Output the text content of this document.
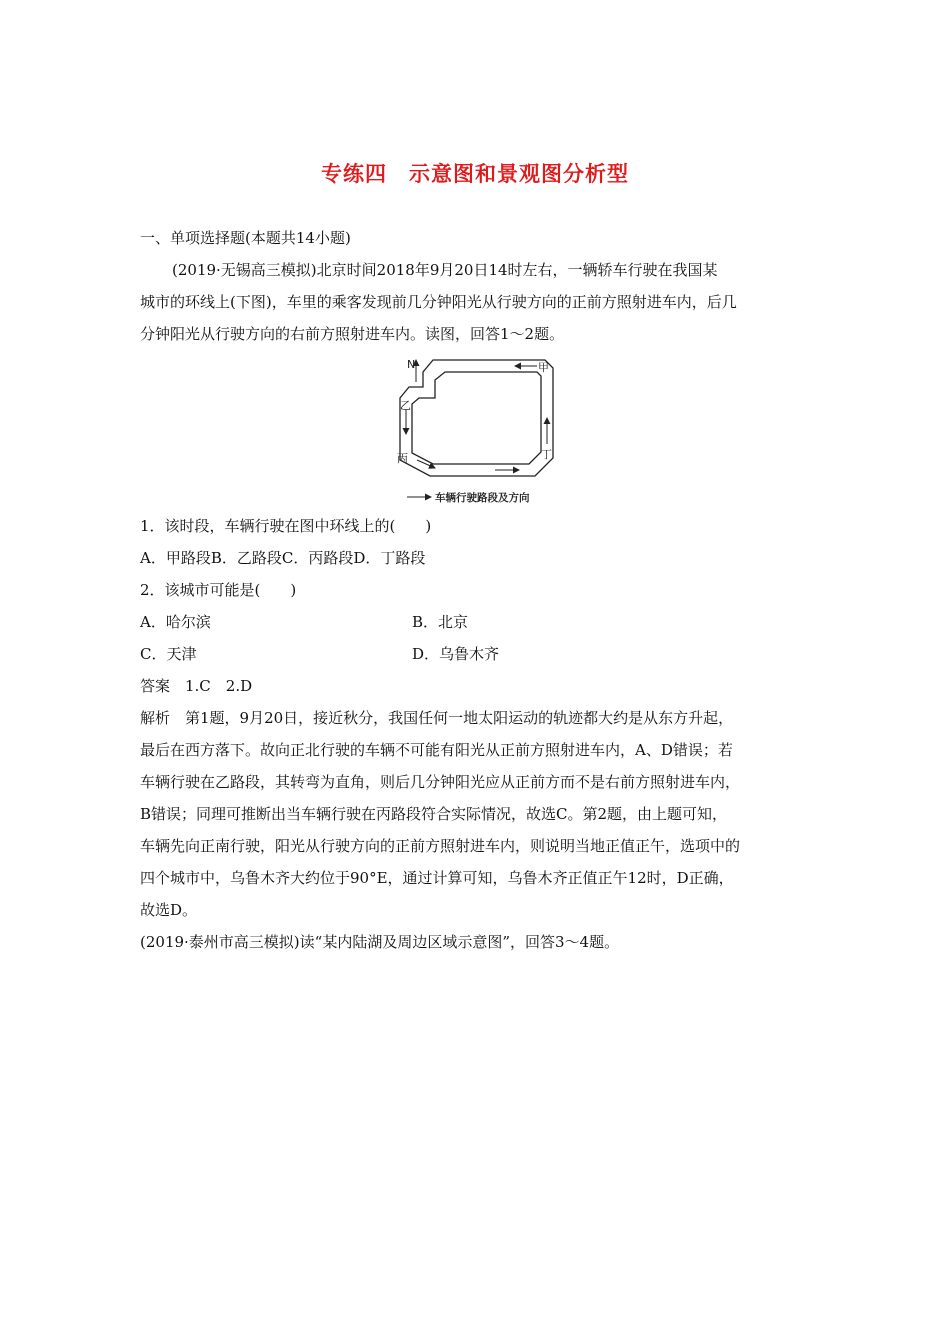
专练四　示意图和景观图分析型
一、单项选择题(本题共14小题)
(2019·无锡高三模拟)北京时间2018年9月20日14时左右，一辆轿车行驶在我国某
城市的环线上(下图)，车里的乘客发现前几分钟阳光从行驶方向的正前方照射进车内，后几
分钟阳光从行驶方向的右前方照射进车内。读图，回答1～2题。
N	甲
乙
丙	丁
车辆行驶路段及方向
1．该时段，车辆行驶在图中环线上的(　　)
A．甲路段B．乙路段C．丙路段D．丁路段
2．该城市可能是(　　)
A．哈尔滨	B．北京
C．天津	D．乌鲁木齐
答案　1.C　2.D
解析　第1题，9月20日，接近秋分，我国任何一地太阳运动的轨迹都大约是从东方升起，
最后在西方落下。故向正北行驶的车辆不可能有阳光从正前方照射进车内，A、D错误；若
车辆行驶在乙路段，其转弯为直角，则后几分钟阳光应从正前方而不是右前方照射进车内，
B错误；同理可推断出当车辆行驶在丙路段符合实际情况，故选C。第2题，由上题可知，
车辆先向正南行驶，阳光从行驶方向的正前方照射进车内，则说明当地正值正午，选项中的
四个城市中，乌鲁木齐大约位于90°E，通过计算可知，乌鲁木齐正值正午12时，D正确，
故选D。
(2019·泰州市高三模拟)读“某内陆湖及周边区域示意图”，回答3～4题。
